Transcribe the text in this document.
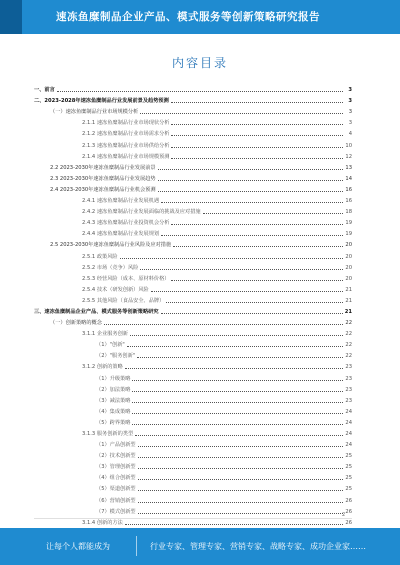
速冻鱼糜制品企业产品、模式服务等创新策略研究报告
内容目录
一、前言	3
二、2023-2028年速冻鱼糜制品行业发展前景及趋势预测	3
（一）速冻鱼糜制品行业市场规模分析	3
2.1.1 速冻鱼糜制品行业市场现状分析	3
2.1.2 速冻鱼糜制品行业市场需求分析	4
2.1.3 速冻鱼糜制品行业市场供给分析	10
2.1.4 速冻鱼糜制品行业市场规模预测	12
2.2 2023-2030年速冻鱼糜制品行业发展前景	13
2.3 2023-2030年速冻鱼糜制品行业发展趋势	14
2.4 2023-2030年速冻鱼糜制品行业机会预测	16
2.4.1 速冻鱼糜制品行业发展机遇	16
2.4.2 速冻鱼糜制品行业发展面临的挑战及应对措施	18
2.4.3 速冻鱼糜制品行业投资机会分析	19
2.4.4 速冻鱼糜制品行业发展规划	19
2.5 2023-2030年速冻鱼糜制品行业风险及应对措施	20
2.5.1 政策风险	20
2.5.2 市场（竞争）风险	20
2.5.3 经营风险（成本、原材料价格）	20
2.5.4 技术（研发创新）风险	21
2.5.5 其他风险（食品安全、品牌）	21
三、速冻鱼糜制品企业产品、模式服务等创新策略研究	21
（一）创新策略的概念	22
3.1.1 企业服务创新	22
（1）"创新"	22
（2）"服务创新"	22
3.1.2 创新的策略	23
（1）升级策略	23
（2）加法策略	23
（3）减法策略	23
（4）集成策略	24
（5）跨界策略	24
3.1.3 服务创新的类型	24
（1）产品创新型	24
（2）技术创新型	25
（3）管理创新型	25
（4）组合创新型	25
（5）渠道创新型	25
（6）营销创新型	26
（7）模式创新型	26
3.1.4 创新的方法	26
2
让每个人都能成为	行业专家、管理专家、营销专家、战略专家、成功企业家……
